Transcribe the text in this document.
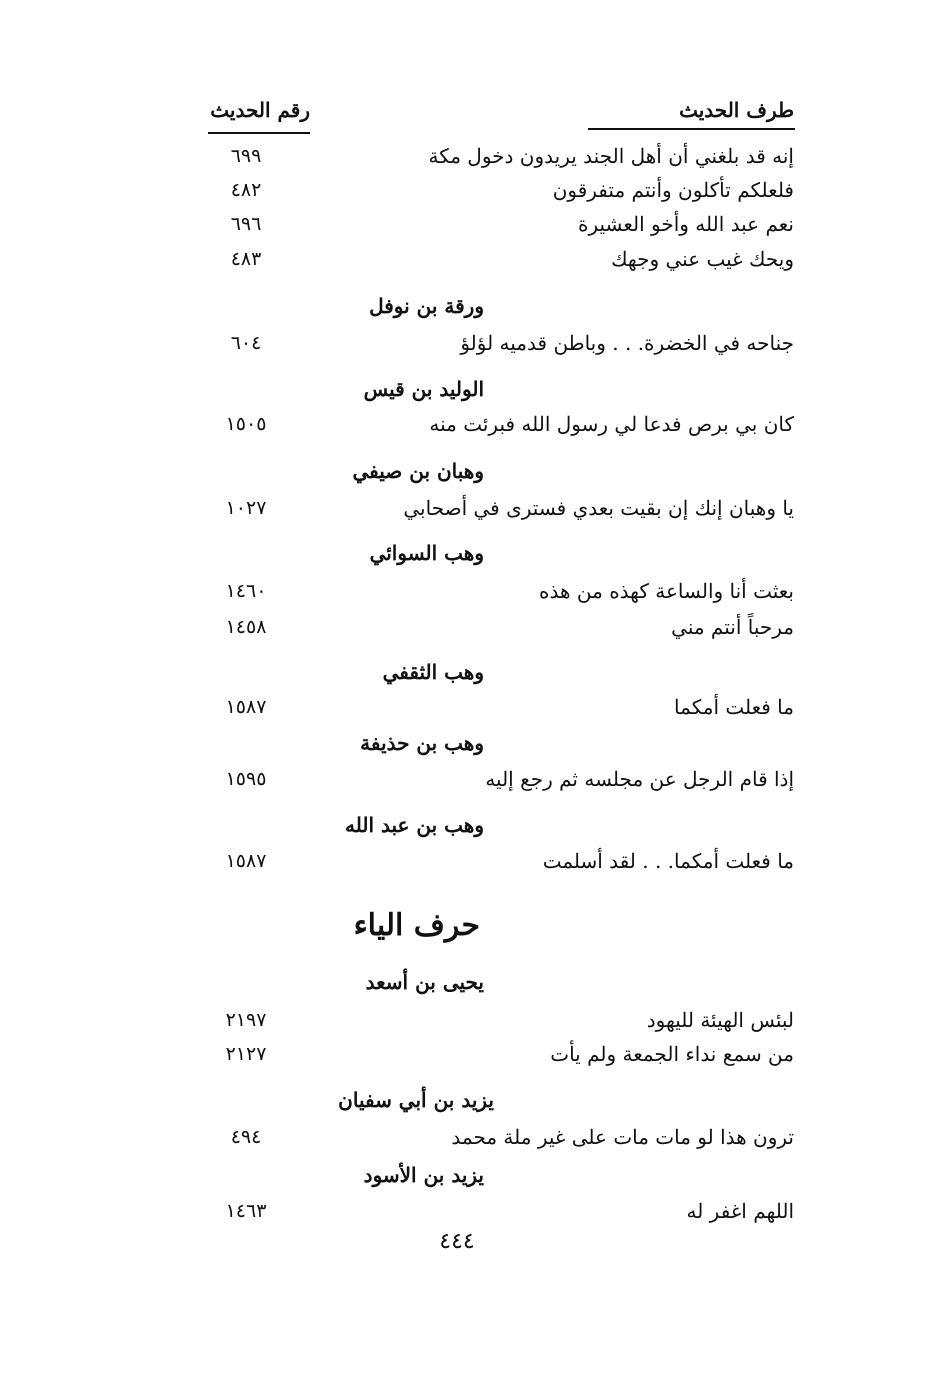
طرف الحديث
رقم الحديث
إنه قد بلغني أن أهل الجند يريدون دخول مكة
٦٩٩
فلعلكم تأكلون وأنتم متفرقون
٤٨٢
نعم عبد الله وأخو العشيرة
٦٩٦
ويحك غيب عني وجهك
٤٨٣
ورقة بن نوفل
جناحه في الخضرة. . . وباطن قدميه لؤلؤ
٦٠٤
الوليد بن قيس
كان بي برص فدعا لي رسول الله فبرئت منه
١٥٠٥
وهبان بن صيفي
يا وهبان إنك إن بقيت بعدي فسترى في أصحابي
١٠٢٧
وهب السوائي
بعثت أنا والساعة كهذه من هذه
١٤٦٠
مرحباً أنتم مني
١٤٥٨
وهب الثقفي
ما فعلت أمكما
١٥٨٧
وهب بن حذيفة
إذا قام الرجل عن مجلسه ثم رجع إليه
١٥٩٥
وهب بن عبد الله
ما فعلت أمكما. . . لقد أسلمت
١٥٨٧
حرف الياء
يحيى بن أسعد
لبئس الهيئة لليهود
٢١٩٧
من سمع نداء الجمعة ولم يأت
٢١٢٧
يزيد بن أبي سفيان
ترون هذا لو مات مات على غير ملة محمد
٤٩٤
يزيد بن الأسود
اللهم اغفر له
١٤٦٣
٤٤٤
